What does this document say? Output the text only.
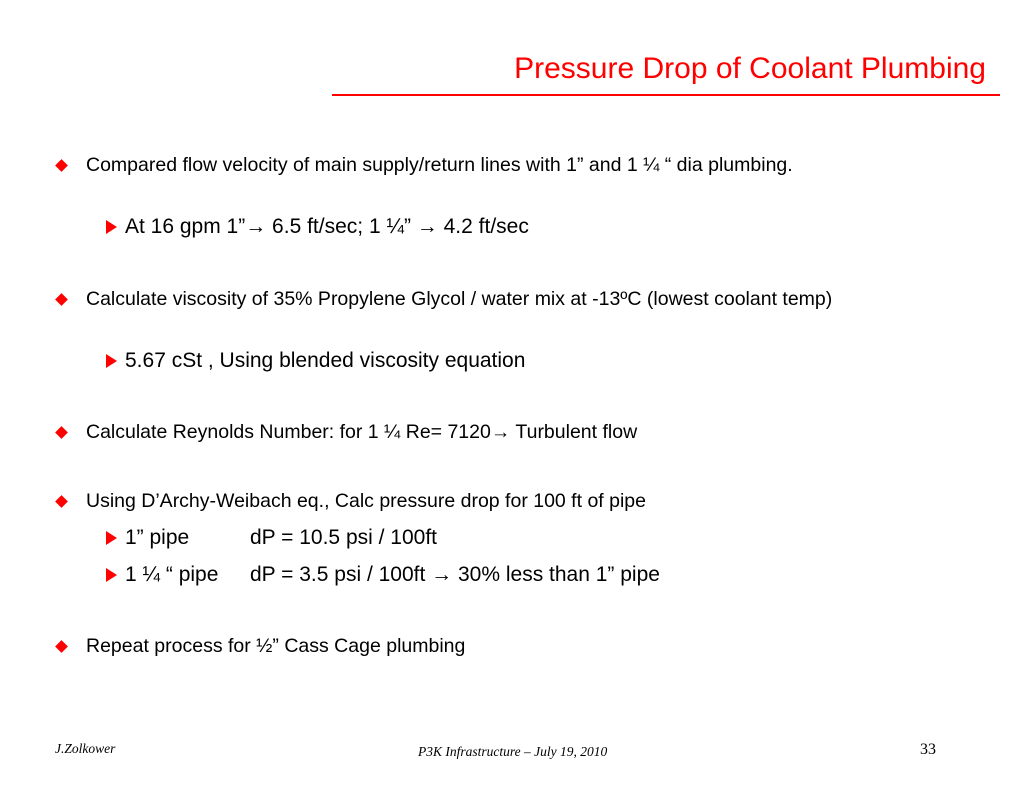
Pressure Drop of Coolant Plumbing
Compared flow velocity of main supply/return lines with 1” and 1 ¼ “ dia plumbing.
At 16 gpm 1”→ 6.5 ft/sec; 1 ¼” → 4.2 ft/sec
Calculate viscosity of 35% Propylene Glycol / water mix at -13ºC (lowest coolant temp)
5.67 cSt , Using blended viscosity equation
Calculate Reynolds Number: for 1 ¼ Re= 7120→ Turbulent flow
Using D’Archy-Weibach eq., Calc pressure drop for 100 ft of pipe
1” pipe	dP = 10.5 psi / 100ft
1 ¼ “ pipe dP = 3.5 psi / 100ft → 30% less than 1” pipe
Repeat process for ½” Cass Cage plumbing
J.Zolkower	P3K Infrastructure – July 19, 2010	33
